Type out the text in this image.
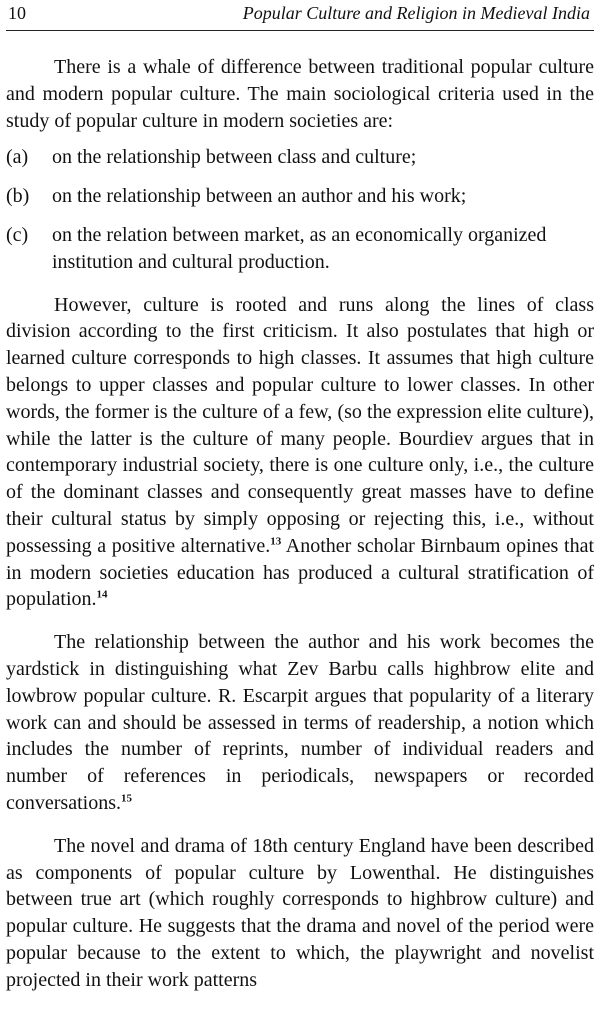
10	Popular Culture and Religion in Medieval India

There is a whale of difference between traditional popular culture and modern popular culture. The main sociological criteria used in the study of popular culture in modern societies are:

(a)	on the relationship between class and culture;
(b)	on the relationship between an author and his work;
(c)	on the relation between market, as an economically organized institution and cultural production.

However, culture is rooted and runs along the lines of class division according to the first criticism. It also postulates that high or learned culture corresponds to high classes. It assumes that high culture belongs to upper classes and popular culture to lower classes. In other words, the former is the culture of a few, (so the expression elite culture), while the latter is the culture of many people. Bourdiev argues that in contemporary industrial society, there is one culture only, i.e., the culture of the dominant classes and consequently great masses have to define their cultural status by simply opposing or rejecting this, i.e., without possessing a positive alternative.$^{13}$ Another scholar Birnbaum opines that in modern societies education has produced a cultural stratification of population.$^{14}$

The relationship between the author and his work becomes the yardstick in distinguishing what Zev Barbu calls highbrow elite and lowbrow popular culture. R. Escarpit argues that popularity of a literary work can and should be assessed in terms of readership, a notion which includes the number of reprints, number of individual readers and number of references in periodicals, newspapers or recorded conversations.$^{15}$

The novel and drama of 18th century England have been described as components of popular culture by Lowenthal. He distinguishes between true art (which roughly corresponds to highbrow culture) and popular culture. He suggests that the drama and novel of the period were popular because to the extent to which, the playwright and novelist projected in their work patterns
